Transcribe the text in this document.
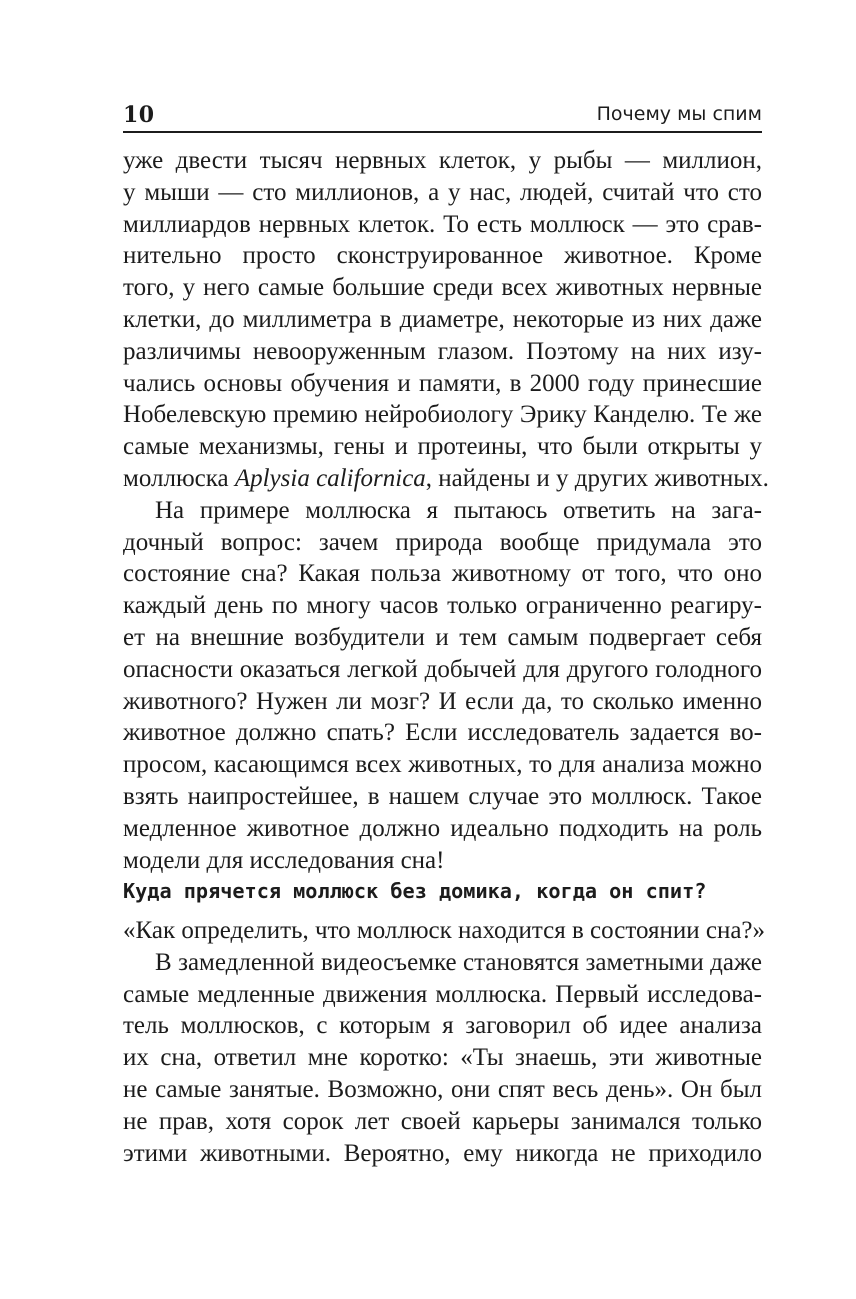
10	Почему мы спим

уже двести тысяч нервных клеток, у рыбы — миллион,
у мыши — сто миллионов, а у нас, людей, считай что сто
миллиардов нервных клеток. То есть моллюск — это срав-
нительно просто сконструированное животное. Кроме
того, у него самые большие среди всех животных нервные
клетки, до миллиметра в диаметре, некоторые из них даже
различимы невооруженным глазом. Поэтому на них изу-
чались основы обучения и памяти, в 2000 году принесшие
Нобелевскую премию нейробиологу Эрику Канделю. Те же
самые механизмы, гены и протеины, что были открыты у
моллюска Aplysia californica, найдены и у других животных.

На примере моллюска я пытаюсь ответить на зага-
дочный вопрос: зачем природа вообще придумала это
состояние сна? Какая польза животному от того, что оно
каждый день по многу часов только ограниченно реагиру-
ет на внешние возбудители и тем самым подвергает себя
опасности оказаться легкой добычей для другого голодного
животного? Нужен ли мозг? И если да, то сколько именно
животное должно спать? Если исследователь задается во-
просом, касающимся всех животных, то для анализа можно
взять наипростейшее, в нашем случае это моллюск. Такое
медленное животное должно идеально подходить на роль
модели для исследования сна!

Куда прячется моллюск без домика, когда он спит?

«Как определить, что моллюск находится в состоянии сна?»

В замедленной видеосъемке становятся заметными даже
самые медленные движения моллюска. Первый исследова-
тель моллюсков, с которым я заговорил об идее анализа
их сна, ответил мне коротко: «Ты знаешь, эти животные
не самые занятые. Возможно, они спят весь день». Он был
не прав, хотя сорок лет своей карьеры занимался только
этими животными. Вероятно, ему никогда не приходило
